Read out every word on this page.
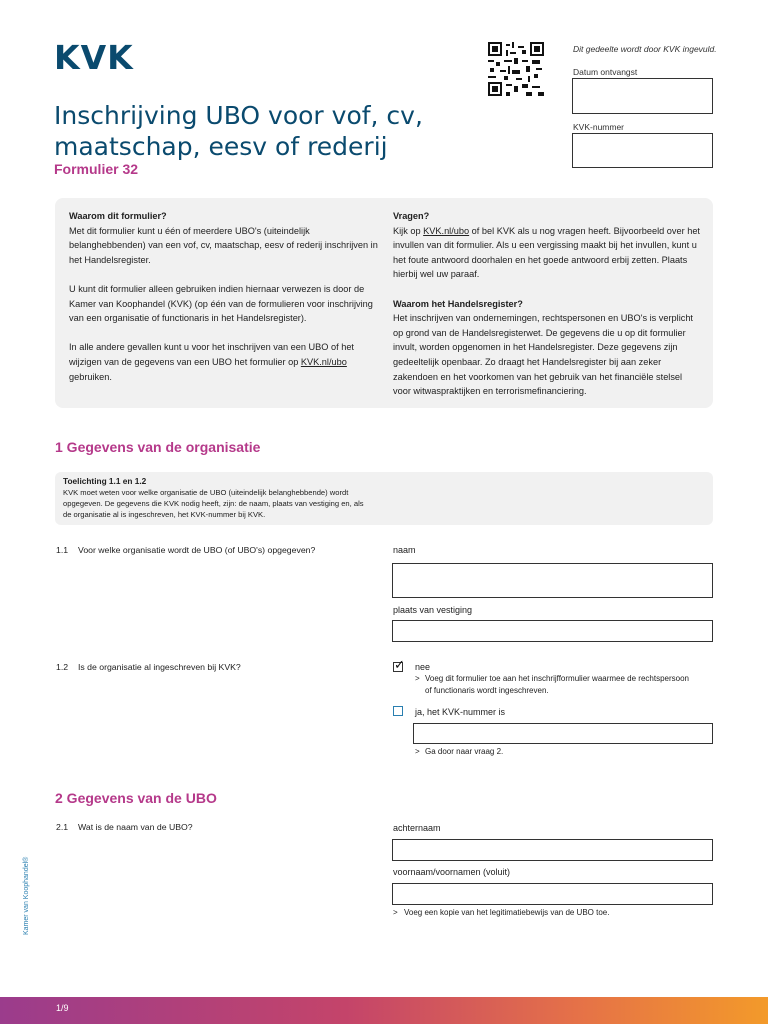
KVK	Dit gedeelte wordt door KVK ingevuld.
Datum ontvangst
KVK-nummer
Inschrijving UBO voor vof, cv, maatschap, eesv of rederij
Formulier 32

Waarom dit formulier?

Met dit formulier kunt u één of meerdere UBO's (uiteindelijk belanghebbenden) van een vof, cv, maatschap, eesv of rederij inschrijven in het Handelsregister.

U kunt dit formulier alleen gebruiken indien hiernaar verwezen is door de Kamer van Koophandel (KVK) (op één van de formulieren voor inschrijving van een organisatie of functionaris in het Handelsregister).

In alle andere gevallen kunt u voor het inschrijven van een UBO of het wijzigen van de gegevens van een UBO het formulier op KVK.nl/ubo gebruiken.

Vragen?

Kijk op KVK.nl/ubo of bel KVK als u nog vragen heeft. Bijvoorbeeld over het invullen van dit formulier. Als u een vergissing maakt bij het invullen, kunt u het foute antwoord doorhalen en het goede antwoord erbij zetten. Plaats hierbij wel uw paraaf.

Waarom het Handelsregister?

Het inschrijven van ondernemingen, rechtspersonen en UBO's is verplicht op grond van de Handelsregisterwet. De gegevens die u op dit formulier invult, worden opgenomen in het Handelsregister. Deze gegevens zijn gedeeltelijk openbaar. Zo draagt het Handelsregister bij aan zeker zakendoen en het voorkomen van het gebruik van het financiële stelsel voor witwaspraktijken en terrorismefinanciering.

1 Gegevens van de organisatie
Toelichting 1.1 en 1.2
KVK moet weten voor welke organisatie de UBO (uiteindelijk belanghebbende) wordt opgegeven. De gegevens die KVK nodig heeft, zijn: de naam, plaats van vestiging en, als de organisatie al is ingeschreven, het KVK-nummer bij KVK.
1.1 Voor welke organisatie wordt de UBO (of UBO's) opgegeven?	naam
plaats van vestiging
1.2 Is de organisatie al ingeschreven bij KVK?	✓ nee
> Voeg dit formulier toe aan het inschrijfformulier waarmee de rechtspersoon of functionaris wordt ingeschreven.
ja, het KVK-nummer is
> Ga door naar vraag 2.
2 Gegevens van de UBO
2.1 Wat is de naam van de UBO?	achternaam
voornaam/voornamen (voluit)
> Voeg een kopie van het legitimatiebewijs van de UBO toe.
Kamer van Koophandel®
1/9
